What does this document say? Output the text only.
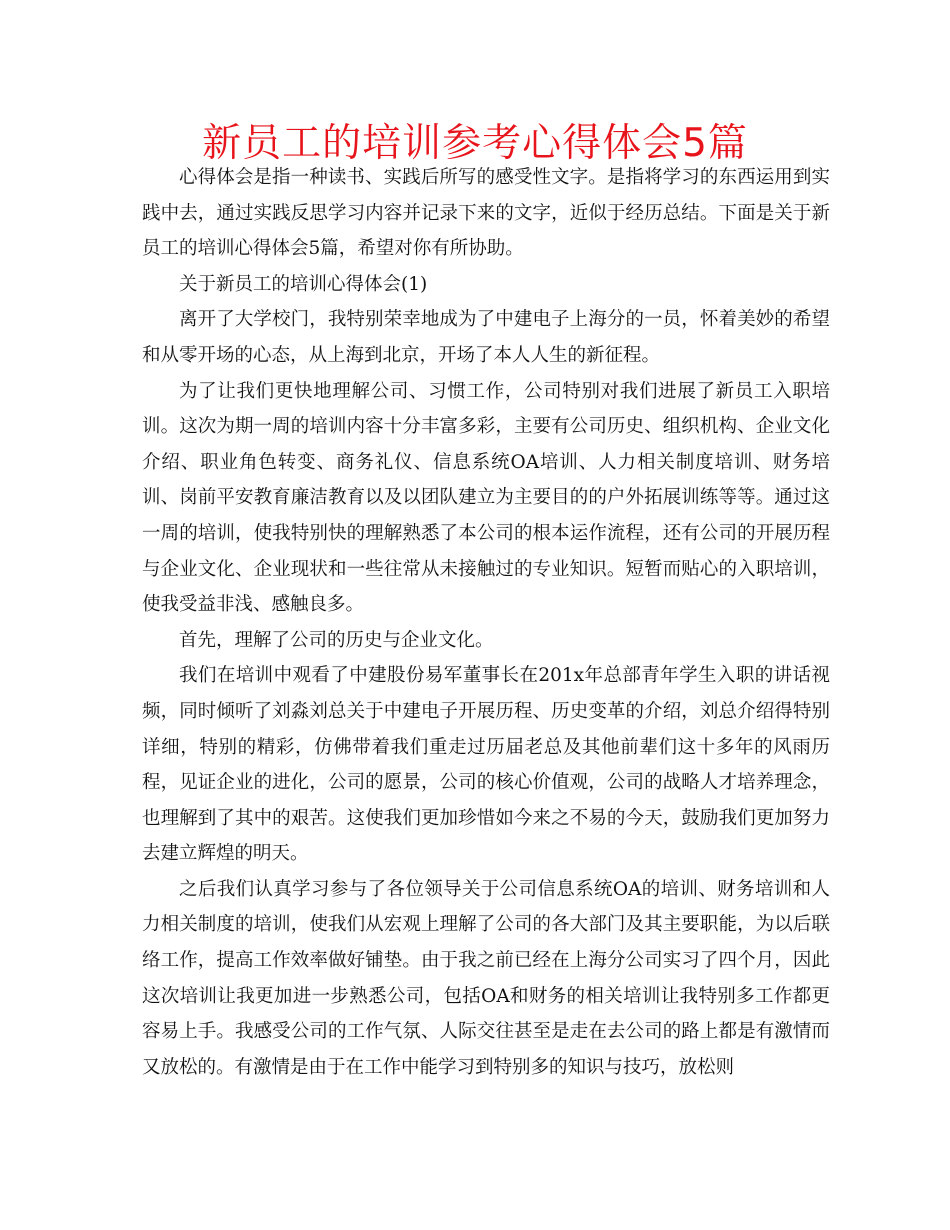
新员工的培训参考心得体会5篇

心得体会是指一种读书、实践后所写的感受性文字。是指将学习的东西运用到实践中去，通过实践反思学习内容并记录下来的文字，近似于经历总结。下面是关于新员工的培训心得体会5篇，希望对你有所协助。

关于新员工的培训心得体会(1)

离开了大学校门，我特别荣幸地成为了中建电子上海分的一员，怀着美妙的希望和从零开场的心态，从上海到北京，开场了本人人生的新征程。

为了让我们更快地理解公司、习惯工作，公司特别对我们进展了新员工入职培训。这次为期一周的培训内容十分丰富多彩，主要有公司历史、组织机构、企业文化介绍、职业角色转变、商务礼仪、信息系统OA培训、人力相关制度培训、财务培训、岗前平安教育廉洁教育以及以团队建立为主要目的的户外拓展训练等等。通过这一周的培训，使我特别快的理解熟悉了本公司的根本运作流程，还有公司的开展历程与企业文化、企业现状和一些往常从未接触过的专业知识。短暂而贴心的入职培训，使我受益非浅、感触良多。

首先，理解了公司的历史与企业文化。

我们在培训中观看了中建股份易军董事长在201x年总部青年学生入职的讲话视频，同时倾听了刘淼刘总关于中建电子开展历程、历史变革的介绍，刘总介绍得特别详细，特别的精彩，仿佛带着我们重走过历届老总及其他前辈们这十多年的风雨历程，见证企业的进化，公司的愿景，公司的核心价值观，公司的战略人才培养理念，也理解到了其中的艰苦。这使我们更加珍惜如今来之不易的今天，鼓励我们更加努力去建立辉煌的明天。

之后我们认真学习参与了各位领导关于公司信息系统OA的培训、财务培训和人力相关制度的培训，使我们从宏观上理解了公司的各大部门及其主要职能，为以后联络工作，提高工作效率做好铺垫。由于我之前已经在上海分公司实习了四个月，因此这次培训让我更加进一步熟悉公司，包括OA和财务的相关培训让我特别多工作都更容易上手。我感受公司的工作气氛、人际交往甚至是走在去公司的路上都是有激情而又放松的。有激情是由于在工作中能学习到特别多的知识与技巧，放松则
